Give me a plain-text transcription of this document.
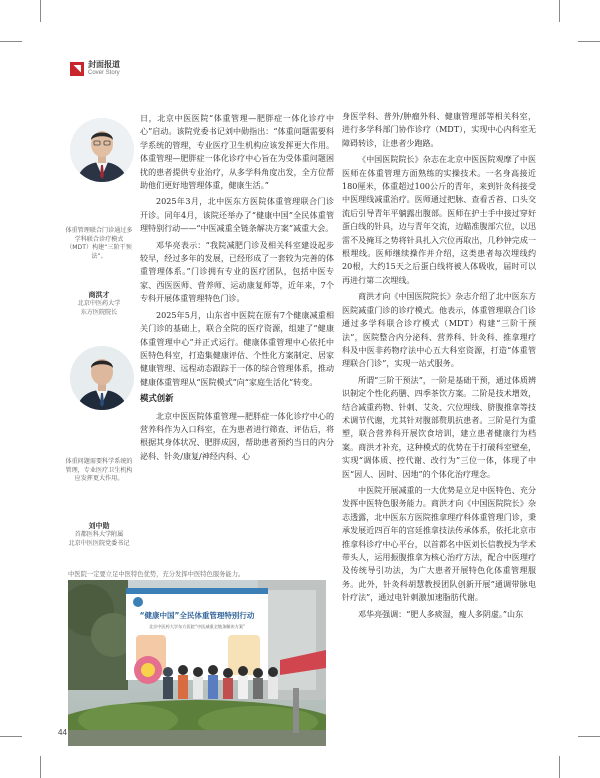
封面报道
Cover Story
体重管理联合门诊通过多学科联合诊疗模式（MDT）构建“三阶干预法”。
商洪才
北京中医药大学
东方医院院长
体重问题需要科学系统的管理，专业医疗卫生机构应发挥更大作用。
刘中勋
首都医科大学附属
北京中医医院党委书记

日，北京中医医院“体重管理—肥胖症一体化诊疗中心”启动。该院党委书记刘中勋指出：“体重问题需要科学系统的管理，专业医疗卫生机构应该发挥更大作用。体重管理—肥胖症一体化诊疗中心旨在为受体重问题困扰的患者提供专业治疗，从多学科角度出发，全方位帮助他们更好地管理体重，健康生活。”

2025年3月，北中医东方医院体重管理联合门诊开诊。同年4月，该院还举办了“健康中国”全民体重管理特别行动——“中医减重全链条解决方案”减重大会。

邓华亮表示：“我院减肥门诊及相关科室建设起步较早，经过多年的发展，已经形成了一套较为完善的体重管理体系。”门诊拥有专业的医疗团队，包括中医专家、西医医师、营养师、运动康复师等，近年来，7个专科开展体重管理特色门诊。

2025年5月，山东省中医院在原有7个健康减重相关门诊的基础上，联合全院的医疗资源，组建了“健康体重管理中心”并正式运行。健康体重管理中心依托中医特色科室，打造集健康评估、个性化方案制定、居家健康管理、远程动态跟踪于一体的综合管理体系，推动健康体重管理从“医院模式”向“家庭生活化”转变。

模式创新

北京中医医院体重管理—肥胖症一体化诊疗中心的营养科作为入口科室，在为患者进行筛查、评估后，将根据其身体状况、肥胖成因，帮助患者预约当日的内分泌科、针灸/康复/神经内科、心

身医学科、普外/肿瘤外科、健康管理部等相关科室，进行多学科部门协作诊疗（MDT），实现中心内科室无障碍转诊，让患者少跑路。

《中国医院院长》杂志在北京中医医院观摩了中医医师在体重管理方面熟练的实操技术。一名身高接近180厘米，体重超过100公斤的青年，来到针灸科接受中医理线减重治疗。医师通过把脉、查看舌苔、口头交流后引导青年平躺露出腹部。医师在护士手中接过穿好蛋白线的针具，边与青年交流，边瞄准腹部穴位，以迅雷不及掩耳之势将针具扎入穴位再取出，几秒钟完成一根埋线。医师继续操作并介绍，这类患者每次埋线约20根，大约15天之后蛋白线将被人体吸收，届时可以再进行第二次埋线。

商洪才向《中国医院院长》杂志介绍了北中医东方医院减重门诊的诊疗模式。他表示，体重管理联合门诊通过多学科联合诊疗模式（MDT）构建“三阶干预法”，医院整合内分泌科、营养科、针灸科、推拿理疗科及中医非药物疗法中心五大科室资源，打造“体重管理联合门诊”，实现一站式服务。

所谓“三阶干预法”，一阶是基础干预，通过体质辨识制定个性化药膳、四季茶饮方案。二阶是技术增效，结合减重药物、针刺、艾灸、穴位埋线、脐腹推拿等技术调节代谢，尤其针对腹部赘肌抗患者。三阶是行为重塑，联合营养科开展饮食培训，建立患者健康行为档案。商洪才补充，这种模式的优势在于打破科室壁垒，实现“调体质、控代谢、改行为”三位一体，体现了中医“因人、因时、因地”的个体化治疗理念。

中医院开展减重的一大优势是立足中医特色、充分发挥中医特色服务能力。商洪才向《中国医院院长》杂志透露，北中医东方医院推拿理疗科体重管理门诊，秉承发展近四百年的宫廷推拿技法传承体系，依托北京市推拿科诊疗中心平台，以首都名中医刘长信教授为学术带头人，运用振腹推拿为核心治疗方法，配合中医理疗及传统导引功法，为广大患者开展特色化体重管理服务。此外，针灸科胡慧教授团队创新开展“通调带脉电针疗法”，通过电针刺激加速脂肪代谢。

邓华亮强调：“肥人多痰湿，瘦人多阴虚。”山东

中医院一定要立足中医特色优势，充分发挥中医特色服务能力。
“健康中国”全民体重管理特别行动
北京中医药大学东方医院“中医减重全链条解决方案”
44
